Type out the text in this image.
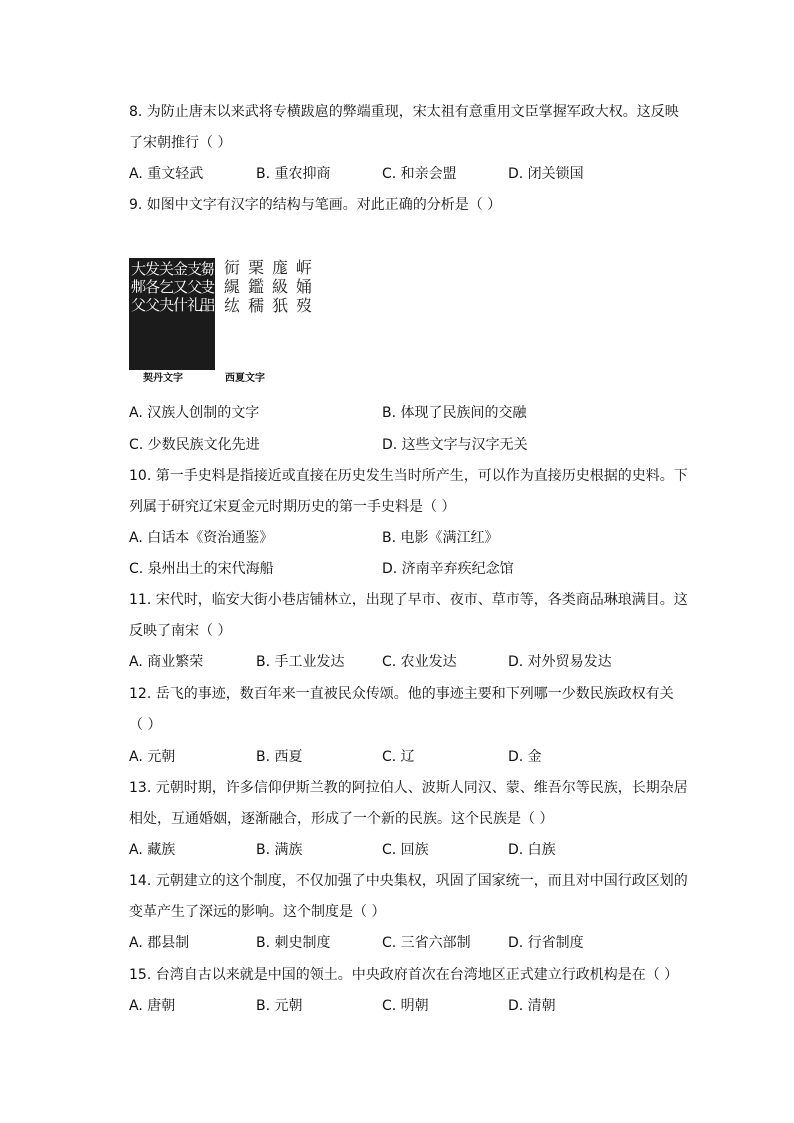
8. 为防止唐末以来武将专横跋扈的弊端重现，宋太祖有意重用文臣掌握军政大权。这反映
了宋朝推行（ ）
A. 重文轻武	B. 重农抑商	C. 和亲会盟	D. 闭关锁国
9. 如图中文字有汉字的结构与笔画。对此正确的分析是（ ）
大𨚓父
发各父
关乞夬
金又什
支父礼
芻叏㗊
衏繉纮
䅇鑑穤
庬級㹝
㟁㛚歿
契丹文字	西夏文字
A. 汉族人创制的文字	B. 体现了民族间的交融
C. 少数民族文化先进	D. 这些文字与汉字无关
10. 第一手史料是指接近或直接在历史发生当时所产生，可以作为直接历史根据的史料。下
列属于研究辽宋夏金元时期历史的第一手史料是（ ）
A. 白话本《资治通鉴》	B. 电影《满江红》
C. 泉州出土的宋代海船	D. 济南辛弃疾纪念馆
11. 宋代时，临安大街小巷店铺林立，出现了早市、夜市、草市等，各类商品琳琅满目。这
反映了南宋（ ）
A. 商业繁荣	B. 手工业发达	C. 农业发达	D. 对外贸易发达
12. 岳飞的事迹，数百年来一直被民众传颂。他的事迹主要和下列哪一少数民族政权有关
（ ）
A. 元朝	B. 西夏	C. 辽	D. 金
13. 元朝时期，许多信仰伊斯兰教的阿拉伯人、波斯人同汉、蒙、维吾尔等民族，长期杂居
相处，互通婚姻，逐渐融合，形成了一个新的民族。这个民族是（ ）
A. 藏族	B. 满族	C. 回族	D. 白族
14. 元朝建立的这个制度，不仅加强了中央集权，巩固了国家统一，而且对中国行政区划的
变革产生了深远的影响。这个制度是（ ）
A. 郡县制	B. 刺史制度	C. 三省六部制	D. 行省制度
15. 台湾自古以来就是中国的领土。中央政府首次在台湾地区正式建立行政机构是在（ ）
A. 唐朝	B. 元朝	C. 明朝	D. 清朝
